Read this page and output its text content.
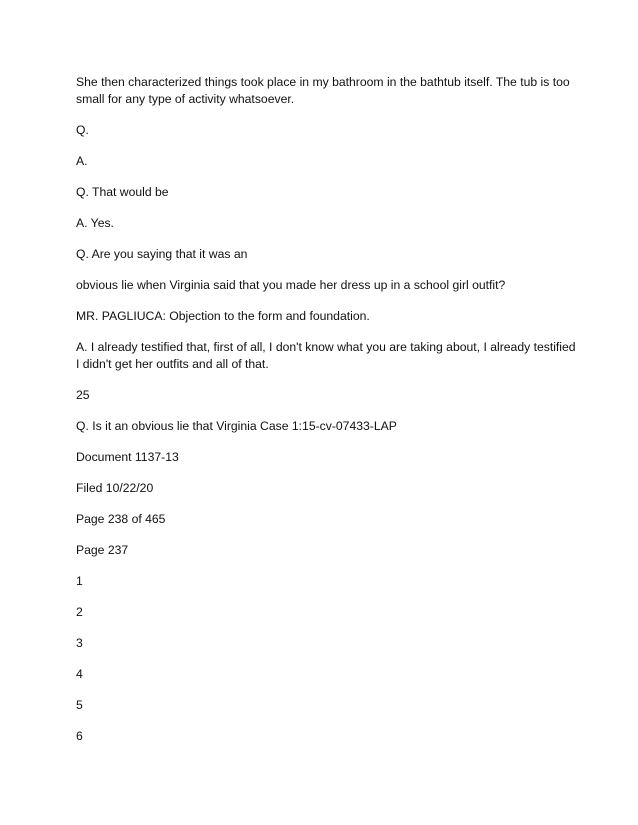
She then characterized things took place in my bathroom in the bathtub itself. The tub is too small for any type of activity whatsoever.

Q.

A.

Q. That would be

A. Yes.

Q. Are you saying that it was an

obvious lie when Virginia said that you made her dress up in a school girl outfit?

MR. PAGLIUCA: Objection to the form and foundation.

A. I already testified that, first of all, I don't know what you are taking about, I already testified I didn't get her outfits and all of that.

25

Q. Is it an obvious lie that Virginia Case 1:15-cv-07433-LAP

Document 1137-13

Filed 10/22/20

Page 238 of 465

Page 237

1

2

3

4

5

6
